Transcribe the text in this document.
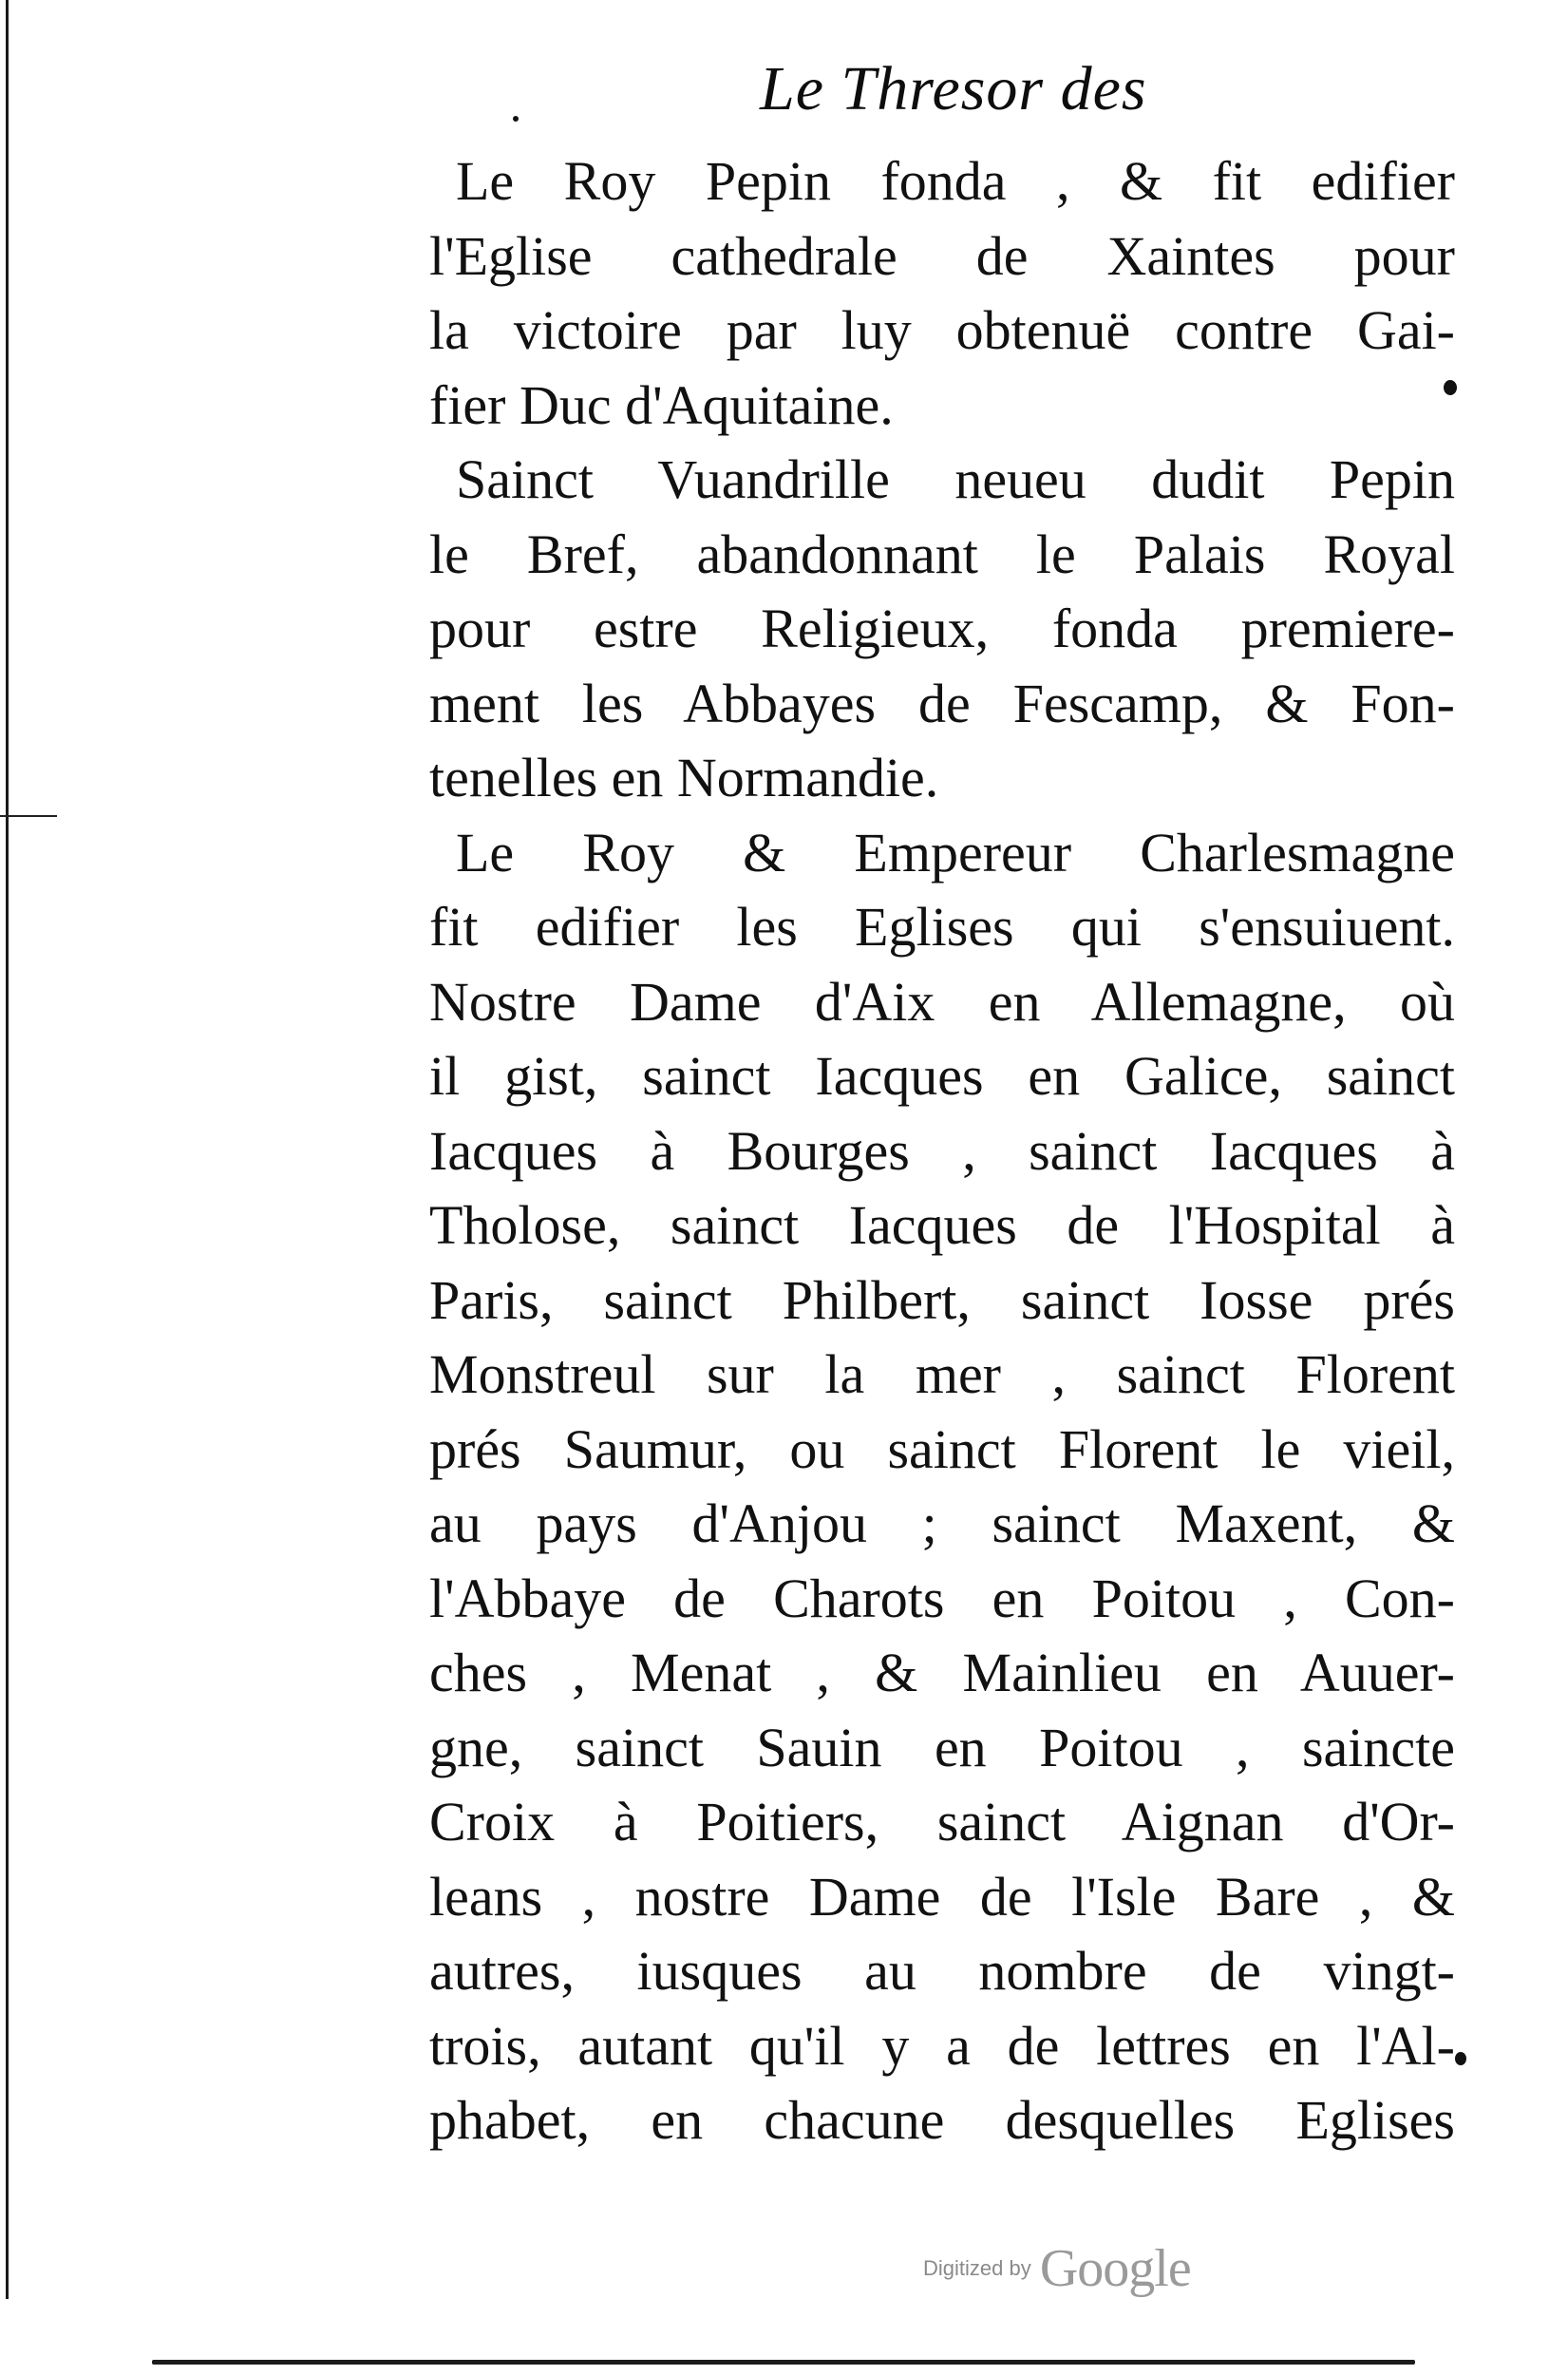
Le Thresor des
Le Roy Pepin fonda , & fit edifier
l'Eglise cathedrale de Xaintes pour
la victoire par luy obtenuë contre Gai-
fier Duc d'Aquitaine.
Sainct Vuandrille neueu dudit Pepin
le Bref, abandonnant le Palais Royal
pour estre Religieux, fonda premiere-
ment les Abbayes de Fescamp, & Fon-
tenelles en Normandie.
Le Roy & Empereur Charlesmagne
fit edifier les Eglises qui s'ensuiuent.
Nostre Dame d'Aix en Allemagne, où
il gist, sainct Iacques en Galice, sainct
Iacques à Bourges , sainct Iacques à
Tholose, sainct Iacques de l'Hospital à
Paris, sainct Philbert, sainct Iosse prés
Monstreul sur la mer , sainct Florent
prés Saumur, ou sainct Florent le vieil,
au pays d'Anjou ; sainct Maxent, &
l'Abbaye de Charots en Poitou , Con-
ches , Menat , & Mainlieu en Auuer-
gne, sainct Sauin en Poitou , saincte
Croix à Poitiers, sainct Aignan d'Or-
leans , nostre Dame de l'Isle Bare , &
autres, iusques au nombre de vingt-
trois, autant qu'il y a de lettres en l'Al-
phabet, en chacune desquelles Eglises
Digitized by Google
